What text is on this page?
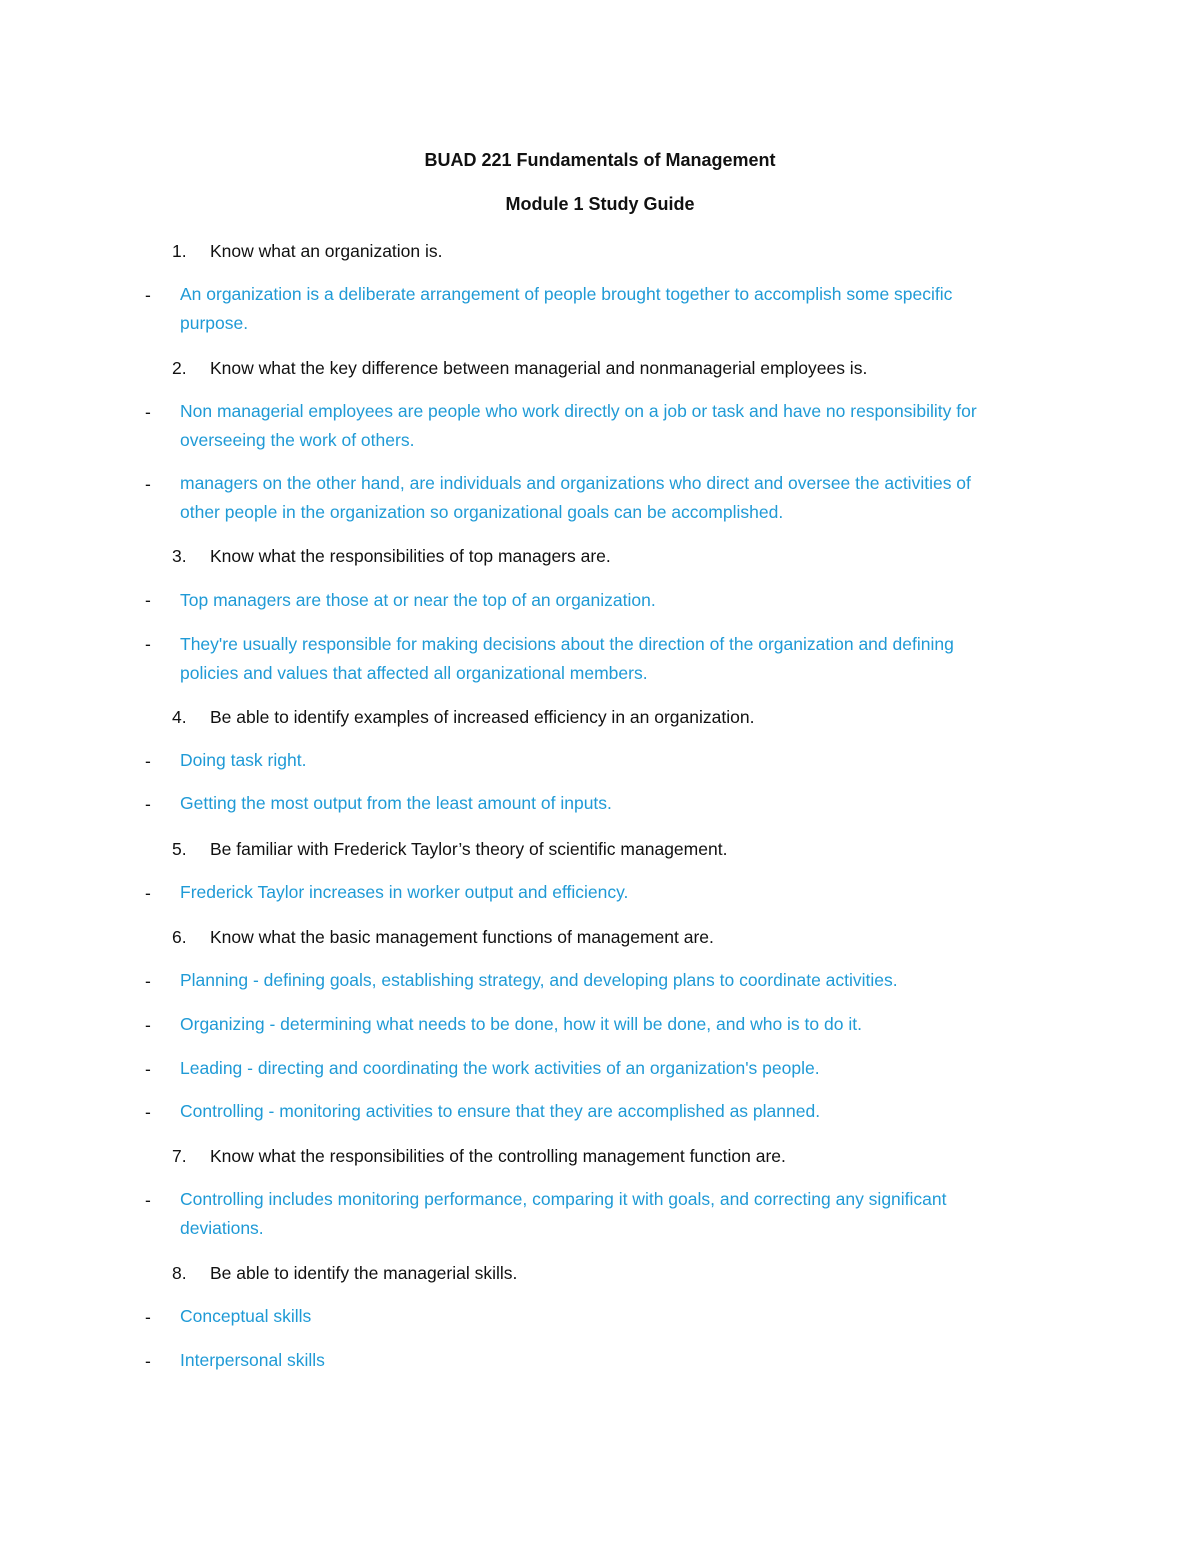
BUAD 221 Fundamentals of Management
Module 1 Study Guide
1.	Know what an organization is.
-	An organization is a deliberate arrangement of people brought together to accomplish some specific purpose.
2.	Know what the key difference between managerial and nonmanagerial employees is.
-	Non managerial employees are people who work directly on a job or task and have no responsibility for overseeing the work of others.
-	managers on the other hand, are individuals and organizations who direct and oversee the activities of other people in the organization so organizational goals can be accomplished.
3.	Know what the responsibilities of top managers are.
-	Top managers are those at or near the top of an organization.
-	They're usually responsible for making decisions about the direction of the organization and defining policies and values that affected all organizational members.
4.	Be able to identify examples of increased efficiency in an organization.
-	Doing task right.
-	Getting the most output from the least amount of inputs.
5.	Be familiar with Frederick Taylor’s theory of scientific management.
-	Frederick Taylor increases in worker output and efficiency.
6.	Know what the basic management functions of management are.
-	Planning - defining goals, establishing strategy, and developing plans to coordinate activities.
-	Organizing - determining what needs to be done, how it will be done, and who is to do it.
-	Leading - directing and coordinating the work activities of an organization's people.
-	Controlling - monitoring activities to ensure that they are accomplished as planned.
7.	Know what the responsibilities of the controlling management function are.
-	Controlling includes monitoring performance, comparing it with goals, and correcting any significant deviations.
8.	Be able to identify the managerial skills.
-	Conceptual skills
-	Interpersonal skills
